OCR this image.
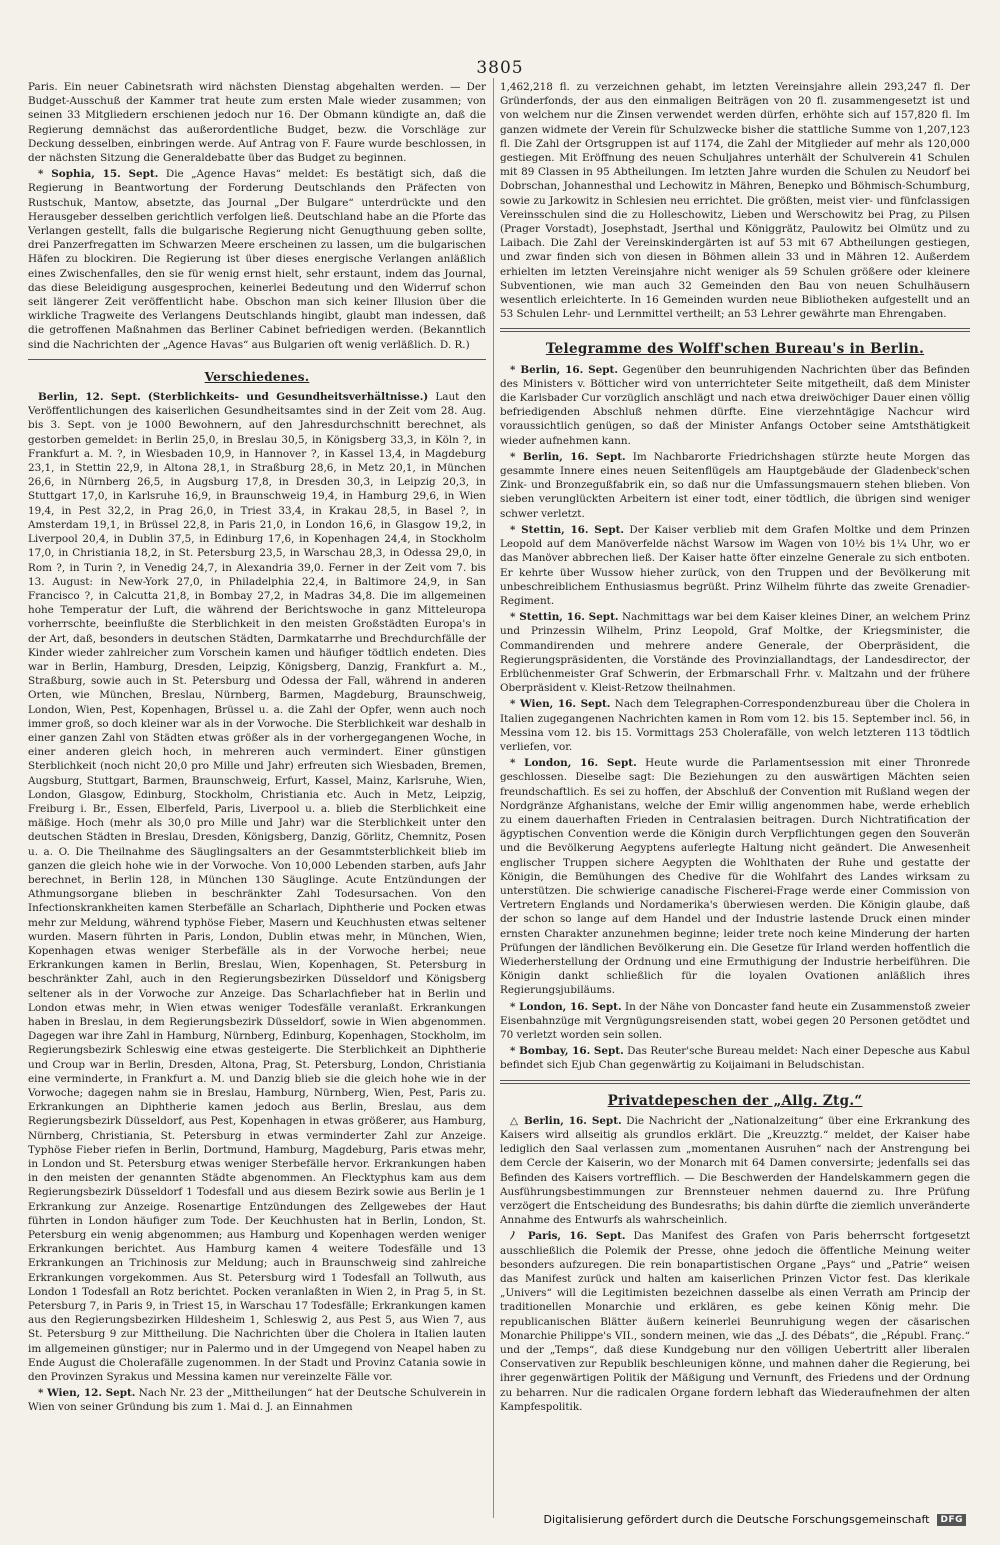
3805

Paris. Ein neuer Cabinetsrath wird nächsten Dienstag abgehalten werden. — Der Budget-Ausschuß der Kammer trat heute zum ersten Male wieder zusammen; von seinen 33 Mitgliedern erschienen jedoch nur 16. Der Obmann kündigte an, daß die Regierung demnächst das außerordentliche Budget, bezw. die Vorschläge zur Deckung desselben, einbringen werde. Auf Antrag von F. Faure wurde beschlossen, in der nächsten Sitzung die Generaldebatte über das Budget zu beginnen.

* Sophia, 15. Sept. Die „Agence Havas“ meldet: Es bestätigt sich, daß die Regierung in Beantwortung der Forderung Deutschlands den Präfecten von Rustschuk, Mantow, absetzte, das Journal „Der Bulgare“ unterdrückte und den Herausgeber desselben gerichtlich verfolgen ließ. Deutschland habe an die Pforte das Verlangen gestellt, falls die bulgarische Regierung nicht Genugthuung geben sollte, drei Panzerfregatten im Schwarzen Meere erscheinen zu lassen, um die bulgarischen Häfen zu blockiren. Die Regierung ist über dieses energische Verlangen anläßlich eines Zwischenfalles, den sie für wenig ernst hielt, sehr erstaunt, indem das Journal, das diese Beleidigung ausgesprochen, keinerlei Bedeutung und den Widerruf schon seit längerer Zeit veröffentlicht habe. Obschon man sich keiner Illusion über die wirkliche Tragweite des Verlangens Deutschlands hingibt, glaubt man indessen, daß die getroffenen Maßnahmen das Berliner Cabinet befriedigen werden. (Bekanntlich sind die Nachrichten der „Agence Havas“ aus Bulgarien oft wenig verläßlich. D. R.)

Verschiedenes.

Berlin, 12. Sept. (Sterblichkeits- und Gesundheitsverhältnisse.) Laut den Veröffentlichungen des kaiserlichen Gesundheitsamtes sind in der Zeit vom 28. Aug. bis 3. Sept. von je 1000 Bewohnern, auf den Jahresdurchschnitt berechnet, als gestorben gemeldet: in Berlin 25,0, in Breslau 30,5, in Königsberg 33,3, in Köln ?, in Frankfurt a. M. ?, in Wiesbaden 10,9, in Hannover ?, in Kassel 13,4, in Magdeburg 23,1, in Stettin 22,9, in Altona 28,1, in Straßburg 28,6, in Metz 20,1, in München 26,6, in Nürnberg 26,5, in Augsburg 17,8, in Dresden 30,3, in Leipzig 20,3, in Stuttgart 17,0, in Karlsruhe 16,9, in Braunschweig 19,4, in Hamburg 29,6, in Wien 19,4, in Pest 32,2, in Prag 26,0, in Triest 33,4, in Krakau 28,5, in Basel ?, in Amsterdam 19,1, in Brüssel 22,8, in Paris 21,0, in London 16,6, in Glasgow 19,2, in Liverpool 20,4, in Dublin 37,5, in Edinburg 17,6, in Kopenhagen 24,4, in Stockholm 17,0, in Christiania 18,2, in St. Petersburg 23,5, in Warschau 28,3, in Odessa 29,0, in Rom ?, in Turin ?, in Venedig 24,7, in Alexandria 39,0. Ferner in der Zeit vom 7. bis 13. August: in New-York 27,0, in Philadelphia 22,4, in Baltimore 24,9, in San Francisco ?, in Calcutta 21,8, in Bombay 27,2, in Madras 34,8. Die im allgemeinen hohe Temperatur der Luft, die während der Berichtswoche in ganz Mitteleuropa vorherrschte, beeinflußte die Sterblichkeit in den meisten Großstädten Europa's in der Art, daß, besonders in deutschen Städten, Darmkatarrhe und Brechdurchfälle der Kinder wieder zahlreicher zum Vorschein kamen und häufiger tödtlich endeten. Dies war in Berlin, Hamburg, Dresden, Leipzig, Königsberg, Danzig, Frankfurt a. M., Straßburg, sowie auch in St. Petersburg und Odessa der Fall, während in anderen Orten, wie München, Breslau, Nürnberg, Barmen, Magdeburg, Braunschweig, London, Wien, Pest, Kopenhagen, Brüssel u. a. die Zahl der Opfer, wenn auch noch immer groß, so doch kleiner war als in der Vorwoche. Die Sterblichkeit war deshalb in einer ganzen Zahl von Städten etwas größer als in der vorhergegangenen Woche, in einer anderen gleich hoch, in mehreren auch vermindert. Einer günstigen Sterblichkeit (noch nicht 20,0 pro Mille und Jahr) erfreuten sich Wiesbaden, Bremen, Augsburg, Stuttgart, Barmen, Braunschweig, Erfurt, Kassel, Mainz, Karlsruhe, Wien, London, Glasgow, Edinburg, Stockholm, Christiania etc. Auch in Metz, Leipzig, Freiburg i. Br., Essen, Elberfeld, Paris, Liverpool u. a. blieb die Sterblichkeit eine mäßige. Hoch (mehr als 30,0 pro Mille und Jahr) war die Sterblichkeit unter den deutschen Städten in Breslau, Dresden, Königsberg, Danzig, Görlitz, Chemnitz, Posen u. a. O. Die Theilnahme des Säuglingsalters an der Gesammtsterblichkeit blieb im ganzen die gleich hohe wie in der Vorwoche. Von 10,000 Lebenden starben, aufs Jahr berechnet, in Berlin 128, in München 130 Säuglinge. Acute Entzündungen der Athmungsorgane blieben in beschränkter Zahl Todesursachen. Von den Infectionskrankheiten kamen Sterbefälle an Scharlach, Diphtherie und Pocken etwas mehr zur Meldung, während typhöse Fieber, Masern und Keuchhusten etwas seltener wurden. Masern führten in Paris, London, Dublin etwas mehr, in München, Wien, Kopenhagen etwas weniger Sterbefälle als in der Vorwoche herbei; neue Erkrankungen kamen in Berlin, Breslau, Wien, Kopenhagen, St. Petersburg in beschränkter Zahl, auch in den Regierungsbezirken Düsseldorf und Königsberg seltener als in der Vorwoche zur Anzeige. Das Scharlachfieber hat in Berlin und London etwas mehr, in Wien etwas weniger Todesfälle veranlaßt. Erkrankungen haben in Breslau, in dem Regierungsbezirk Düsseldorf, sowie in Wien abgenommen. Dagegen war ihre Zahl in Hamburg, Nürnberg, Edinburg, Kopenhagen, Stockholm, im Regierungsbezirk Schleswig eine etwas gesteigerte. Die Sterblichkeit an Diphtherie und Croup war in Berlin, Dresden, Altona, Prag, St. Petersburg, London, Christiania eine verminderte, in Frankfurt a. M. und Danzig blieb sie die gleich hohe wie in der Vorwoche; dagegen nahm sie in Breslau, Hamburg, Nürnberg, Wien, Pest, Paris zu. Erkrankungen an Diphtherie kamen jedoch aus Berlin, Breslau, aus dem Regierungsbezirk Düsseldorf, aus Pest, Kopenhagen in etwas größerer, aus Hamburg, Nürnberg, Christiania, St. Petersburg in etwas verminderter Zahl zur Anzeige. Typhöse Fieber riefen in Berlin, Dortmund, Hamburg, Magdeburg, Paris etwas mehr, in London und St. Petersburg etwas weniger Sterbefälle hervor. Erkrankungen haben in den meisten der genannten Städte abgenommen. An Flecktyphus kam aus dem Regierungsbezirk Düsseldorf 1 Todesfall und aus diesem Bezirk sowie aus Berlin je 1 Erkrankung zur Anzeige. Rosenartige Entzündungen des Zellgewebes der Haut führten in London häufiger zum Tode. Der Keuchhusten hat in Berlin, London, St. Petersburg ein wenig abgenommen; aus Hamburg und Kopenhagen werden weniger Erkrankungen berichtet. Aus Hamburg kamen 4 weitere Todesfälle und 13 Erkrankungen an Trichinosis zur Meldung; auch in Braunschweig sind zahlreiche Erkrankungen vorgekommen. Aus St. Petersburg wird 1 Todesfall an Tollwuth, aus London 1 Todesfall an Rotz berichtet. Pocken veranlaßten in Wien 2, in Prag 5, in St. Petersburg 7, in Paris 9, in Triest 15, in Warschau 17 Todesfälle; Erkrankungen kamen aus den Regierungsbezirken Hildesheim 1, Schleswig 2, aus Pest 5, aus Wien 7, aus St. Petersburg 9 zur Mittheilung. Die Nachrichten über die Cholera in Italien lauten im allgemeinen günstiger; nur in Palermo und in der Umgegend von Neapel haben zu Ende August die Cholerafälle zugenommen. In der Stadt und Provinz Catania sowie in den Provinzen Syrakus und Messina kamen nur vereinzelte Fälle vor.

* Wien, 12. Sept. Nach Nr. 23 der „Mittheilungen“ hat der Deutsche Schulverein in Wien von seiner Gründung bis zum 1. Mai d. J. an Einnahmen

1,462,218 fl. zu verzeichnen gehabt, im letzten Vereinsjahre allein 293,247 fl. Der Gründerfonds, der aus den einmaligen Beiträgen von 20 fl. zusammengesetzt ist und von welchem nur die Zinsen verwendet werden dürfen, erhöhte sich auf 157,820 fl. Im ganzen widmete der Verein für Schulzwecke bisher die stattliche Summe von 1,207,123 fl. Die Zahl der Ortsgruppen ist auf 1174, die Zahl der Mitglieder auf mehr als 120,000 gestiegen. Mit Eröffnung des neuen Schuljahres unterhält der Schulverein 41 Schulen mit 89 Classen in 95 Abtheilungen. Im letzten Jahre wurden die Schulen zu Neudorf bei Dobrschan, Johannesthal und Lechowitz in Mähren, Benepko und Böhmisch-Schumburg, sowie zu Jarkowitz in Schlesien neu errichtet. Die größten, meist vier- und fünfclassigen Vereinsschulen sind die zu Holleschowitz, Lieben und Werschowitz bei Prag, zu Pilsen (Prager Vorstadt), Josephstadt, Jserthal und Königgrätz, Paulowitz bei Olmütz und zu Laibach. Die Zahl der Vereinskindergärten ist auf 53 mit 67 Abtheilungen gestiegen, und zwar finden sich von diesen in Böhmen allein 33 und in Mähren 12. Außerdem erhielten im letzten Vereinsjahre nicht weniger als 59 Schulen größere oder kleinere Subventionen, wie man auch 32 Gemeinden den Bau von neuen Schulhäusern wesentlich erleichterte. In 16 Gemeinden wurden neue Bibliotheken aufgestellt und an 53 Schulen Lehr- und Lernmittel vertheilt; an 53 Lehrer gewährte man Ehrengaben.

Telegramme des Wolff'schen Bureau's in Berlin.

* Berlin, 16. Sept. Gegenüber den beunruhigenden Nachrichten über das Befinden des Ministers v. Bötticher wird von unterrichteter Seite mitgetheilt, daß dem Minister die Karlsbader Cur vorzüglich anschlägt und nach etwa dreiwöchiger Dauer einen völlig befriedigenden Abschluß nehmen dürfte. Eine vierzehntägige Nachcur wird voraussichtlich genügen, so daß der Minister Anfangs October seine Amtsthätigkeit wieder aufnehmen kann.

* Berlin, 16. Sept. Im Nachbarorte Friedrichshagen stürzte heute Morgen das gesammte Innere eines neuen Seitenflügels am Hauptgebäude der Gladenbeck'schen Zink- und Bronzegußfabrik ein, so daß nur die Umfassungsmauern stehen blieben. Von sieben verunglückten Arbeitern ist einer todt, einer tödtlich, die übrigen sind weniger schwer verletzt.

* Stettin, 16. Sept. Der Kaiser verblieb mit dem Grafen Moltke und dem Prinzen Leopold auf dem Manöverfelde nächst Warsow im Wagen von 10½ bis 1¼ Uhr, wo er das Manöver abbrechen ließ. Der Kaiser hatte öfter einzelne Generale zu sich entboten. Er kehrte über Wussow hieher zurück, von den Truppen und der Bevölkerung mit unbeschreiblichem Enthusiasmus begrüßt. Prinz Wilhelm führte das zweite Grenadier-Regiment.

* Stettin, 16. Sept. Nachmittags war bei dem Kaiser kleines Diner, an welchem Prinz und Prinzessin Wilhelm, Prinz Leopold, Graf Moltke, der Kriegsminister, die Commandirenden und mehrere andere Generale, der Oberpräsident, die Regierungspräsidenten, die Vorstände des Provinziallandtags, der Landesdirector, der Erblüchenmeister Graf Schwerin, der Erbmarschall Frhr. v. Maltzahn und der frühere Oberpräsident v. Kleist-Retzow theilnahmen.

* Wien, 16. Sept. Nach dem Telegraphen-Correspondenzbureau über die Cholera in Italien zugegangenen Nachrichten kamen in Rom vom 12. bis 15. September incl. 56, in Messina vom 12. bis 15. Vormittags 253 Cholerafälle, von welch letzteren 113 tödtlich verliefen, vor.

* London, 16. Sept. Heute wurde die Parlamentsession mit einer Thronrede geschlossen. Dieselbe sagt: Die Beziehungen zu den auswärtigen Mächten seien freundschaftlich. Es sei zu hoffen, der Abschluß der Convention mit Rußland wegen der Nordgränze Afghanistans, welche der Emir willig angenommen habe, werde erheblich zu einem dauerhaften Frieden in Centralasien beitragen. Durch Nichtratification der ägyptischen Convention werde die Königin durch Verpflichtungen gegen den Souverän und die Bevölkerung Aegyptens auferlegte Haltung nicht geändert. Die Anwesenheit englischer Truppen sichere Aegypten die Wohlthaten der Ruhe und gestatte der Königin, die Bemühungen des Chedive für die Wohlfahrt des Landes wirksam zu unterstützen. Die schwierige canadische Fischerei-Frage werde einer Commission von Vertretern Englands und Nordamerika's überwiesen werden. Die Königin glaube, daß der schon so lange auf dem Handel und der Industrie lastende Druck einen minder ernsten Charakter anzunehmen beginne; leider trete noch keine Minderung der harten Prüfungen der ländlichen Bevölkerung ein. Die Gesetze für Irland werden hoffentlich die Wiederherstellung der Ordnung und eine Ermuthigung der Industrie herbeiführen. Die Königin dankt schließlich für die loyalen Ovationen anläßlich ihres Regierungsjubiläums.

* London, 16. Sept. In der Nähe von Doncaster fand heute ein Zusammenstoß zweier Eisenbahnzüge mit Vergnügungsreisenden statt, wobei gegen 20 Personen getödtet und 70 verletzt worden sein sollen.

* Bombay, 16. Sept. Das Reuter'sche Bureau meldet: Nach einer Depesche aus Kabul befindet sich Ejub Chan gegenwärtig zu Koijaimani in Beludschistan.

Privatdepeschen der „Allg. Ztg.“

△ Berlin, 16. Sept. Die Nachricht der „Nationalzeitung“ über eine Erkrankung des Kaisers wird allseitig als grundlos erklärt. Die „Kreuzztg.“ meldet, der Kaiser habe lediglich den Saal verlassen zum „momentanen Ausruhen“ nach der Anstrengung bei dem Cercle der Kaiserin, wo der Monarch mit 64 Damen conversirte; jedenfalls sei das Befinden des Kaisers vortrefflich. — Die Beschwerden der Handelskammern gegen die Ausführungsbestimmungen zur Brennsteuer nehmen dauernd zu. Ihre Prüfung verzögert die Entscheidung des Bundesraths; bis dahin dürfte die ziemlich unveränderte Annahme des Entwurfs als wahrscheinlich.

ﾉ Paris, 16. Sept. Das Manifest des Grafen von Paris beherrscht fortgesetzt ausschließlich die Polemik der Presse, ohne jedoch die öffentliche Meinung weiter besonders aufzuregen. Die rein bonapartistischen Organe „Pays“ und „Patrie“ weisen das Manifest zurück und halten am kaiserlichen Prinzen Victor fest. Das klerikale „Univers“ will die Legitimisten bezeichnen dasselbe als einen Verrath am Princip der traditionellen Monarchie und erklären, es gebe keinen König mehr. Die republicanischen Blätter äußern keinerlei Beunruhigung wegen der cäsarischen Monarchie Philippe's VII., sondern meinen, wie das „J. des Débats“, die „Républ. Franç.“ und der „Temps“, daß diese Kundgebung nur den völligen Uebertritt aller liberalen Conservativen zur Republik beschleunigen könne, und mahnen daher die Regierung, bei ihrer gegenwärtigen Politik der Mäßigung und Vernunft, des Friedens und der Ordnung zu beharren. Nur die radicalen Organe fordern lebhaft das Wiederaufnehmen der alten Kampfespolitik.

Digitalisierung gefördert durch die Deutsche Forschungsgemeinschaft	DFG
